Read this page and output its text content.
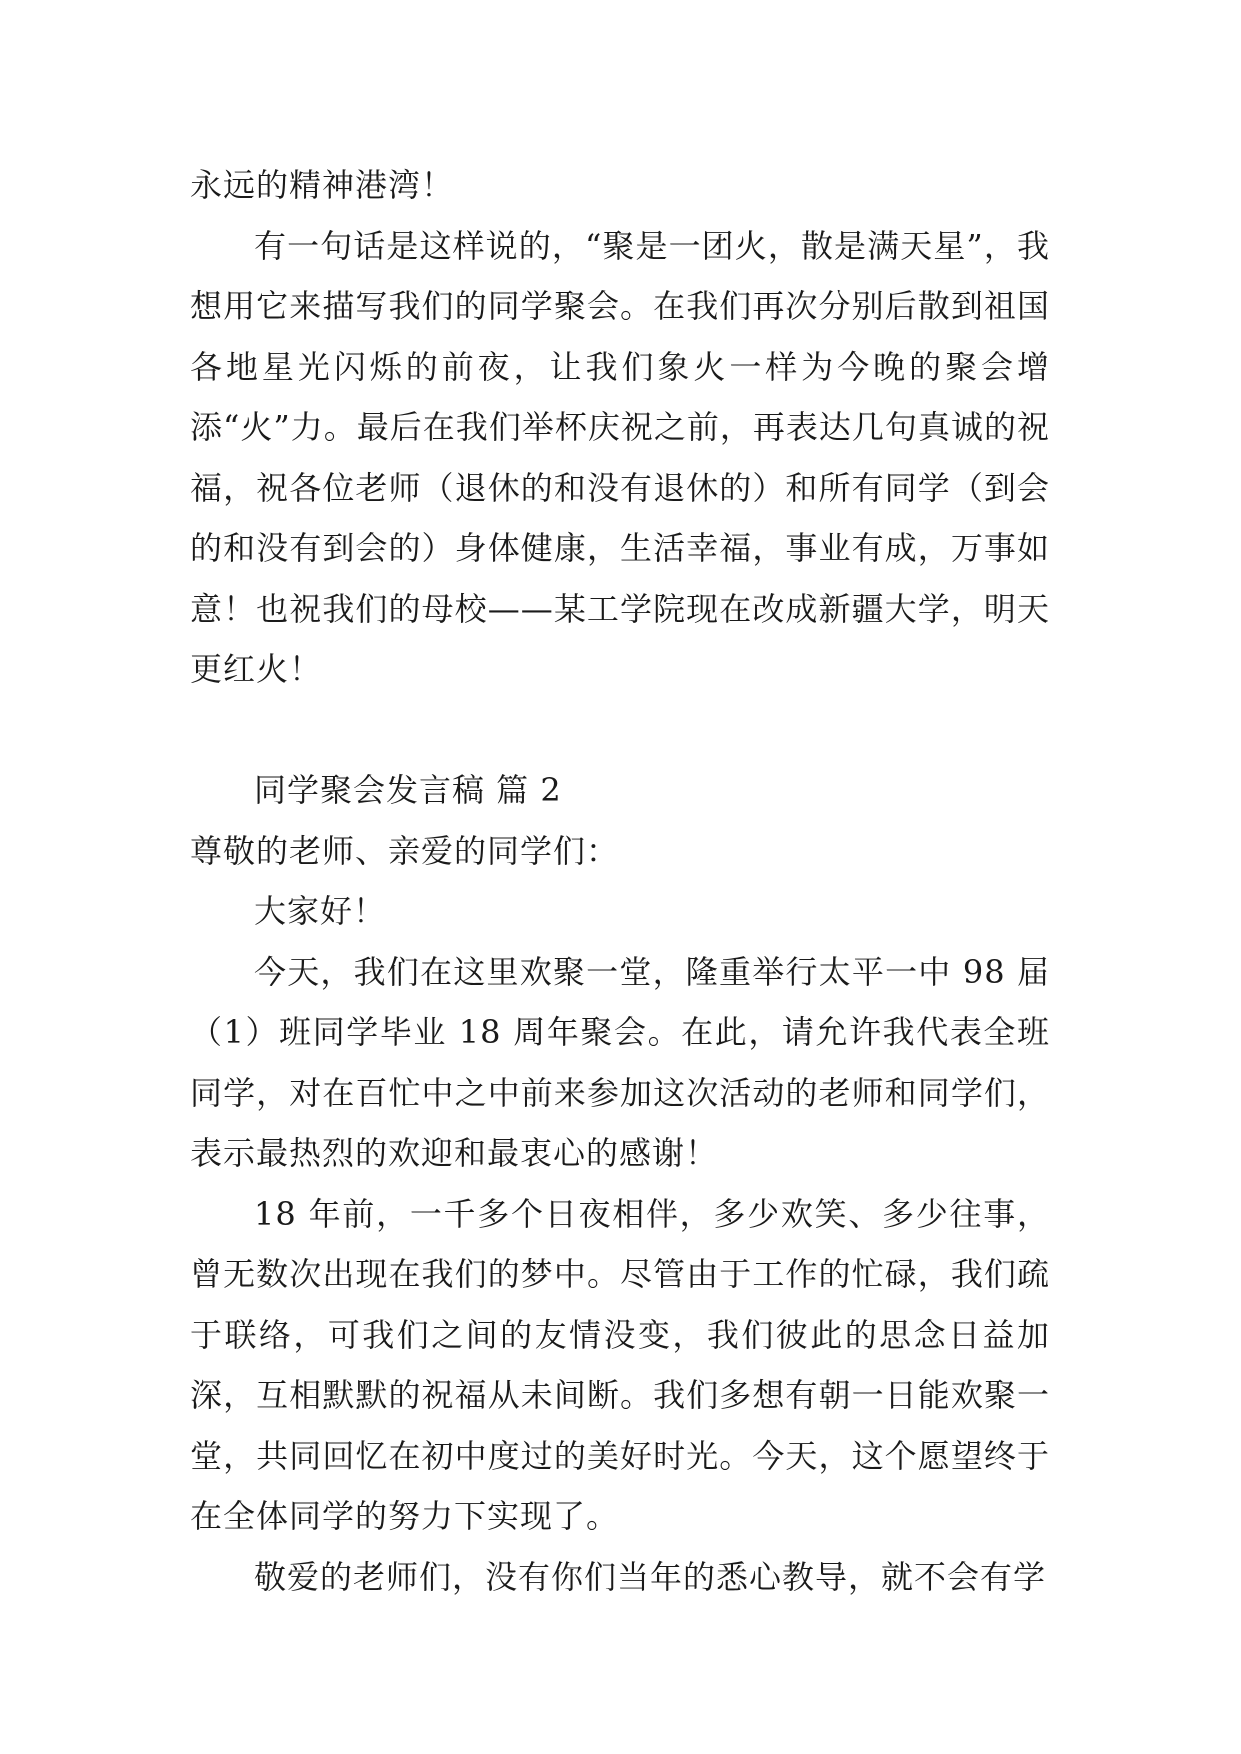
永远的精神港湾！

有一句话是这样说的，“聚是一团火，散是满天星”，我想用它来描写我们的同学聚会。在我们再次分别后散到祖国各地星光闪烁的前夜，让我们象火一样为今晚的聚会增添“火”力。最后在我们举杯庆祝之前，再表达几句真诚的祝福，祝各位老师（退休的和没有退休的）和所有同学（到会的和没有到会的）身体健康，生活幸福，事业有成，万事如意！也祝我们的母校——某工学院现在改成新疆大学，明天更红火！

同学聚会发言稿 篇 2

尊敬的老师、亲爱的同学们：

大家好！

今天，我们在这里欢聚一堂，隆重举行太平一中 98 届（1）班同学毕业 18 周年聚会。在此，请允许我代表全班同学，对在百忙中之中前来参加这次活动的老师和同学们，表示最热烈的欢迎和最衷心的感谢！

18 年前，一千多个日夜相伴，多少欢笑、多少往事，曾无数次出现在我们的梦中。尽管由于工作的忙碌，我们疏于联络，可我们之间的友情没变，我们彼此的思念日益加深，互相默默的祝福从未间断。我们多想有朝一日能欢聚一堂，共同回忆在初中度过的美好时光。今天，这个愿望终于在全体同学的努力下实现了。

敬爱的老师们，没有你们当年的悉心教导，就不会有学
